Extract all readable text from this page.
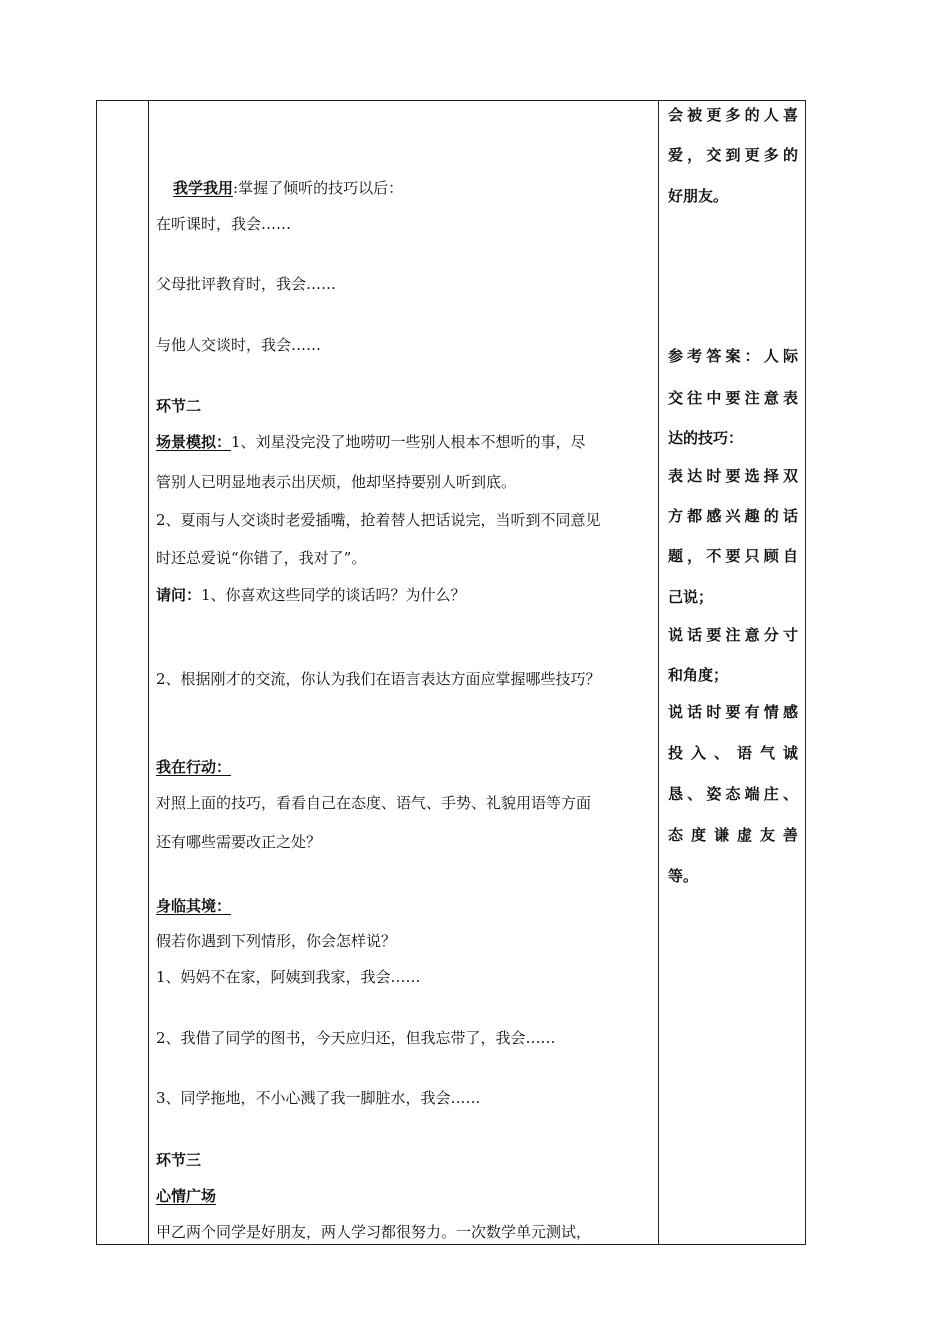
我学我用:掌握了倾听的技巧以后：
在听课时，我会……
父母批评教育时，我会……
与他人交谈时，我会……
环节二
场景模拟：1、刘星没完没了地唠叨一些别人根本不想听的事，尽
管别人已明显地表示出厌烦，他却坚持要别人听到底。
2、夏雨与人交谈时老爱插嘴，抢着替人把话说完，当听到不同意见
时还总爱说“你错了，我对了”。
请问：1、你喜欢这些同学的谈话吗？为什么？
2、根据刚才的交流，你认为我们在语言表达方面应掌握哪些技巧？
我在行动：
对照上面的技巧，看看自己在态度、语气、手势、礼貌用语等方面
还有哪些需要改正之处？
身临其境：
假若你遇到下列情形，你会怎样说？
1、妈妈不在家，阿姨到我家，我会……
2、我借了同学的图书，今天应归还，但我忘带了，我会……
3、同学拖地，不小心溅了我一脚脏水，我会……
环节三
心情广场
甲乙两个同学是好朋友，两人学习都很努力。一次数学单元测试，
会 被 更 多 的 人 喜
爱 ， 交 到 更 多 的
好朋友。
参 考 答 案 ： 人 际
交 往 中 要 注 意 表
达的技巧：
表 达 时 要 选 择 双
方 都 感 兴 趣 的 话
题 ， 不 要 只 顾 自
己说；
说 话 要 注 意 分 寸
和角度；
说 话 时 要 有 情 感
投 入 、 语 气 诚
恳 、 姿 态 端 庄 、
态 度 谦 虚 友 善
等。
